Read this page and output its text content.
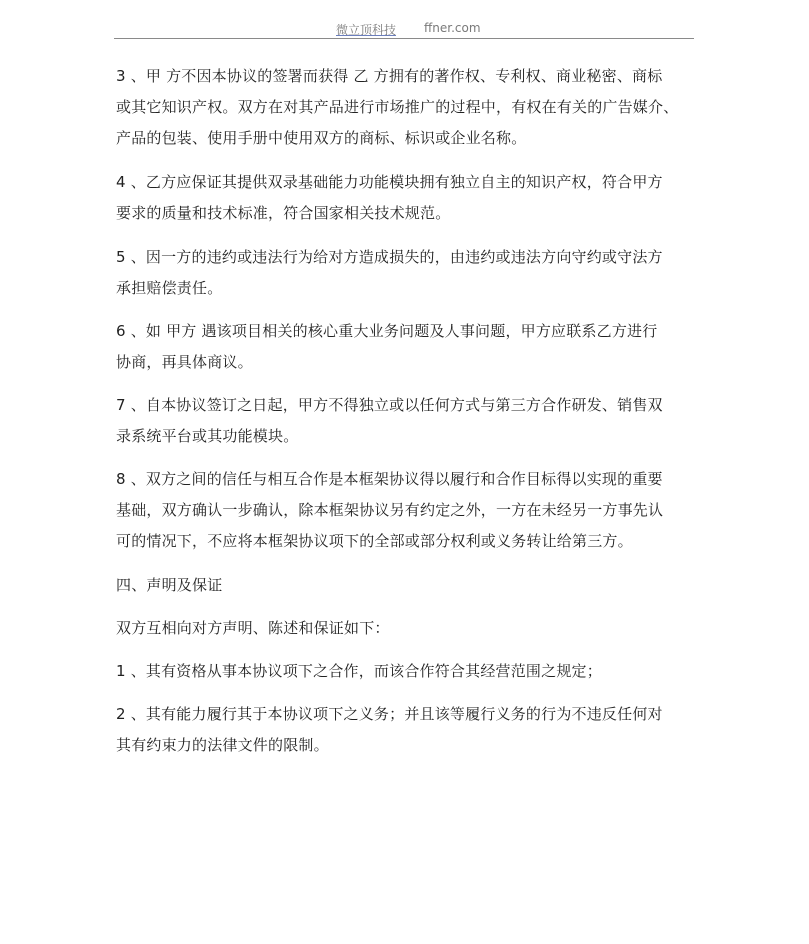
微立顶科技 ffner.com
3 、甲 方不因本协议的签署而获得 乙 方拥有的著作权、专利权、商业秘密、商标
或其它知识产权。双方在对其产品进行市场推广的过程中，有权在有关的广告媒介、
产品的包装、使用手册中使用双方的商标、标识或企业名称。
4 、乙方应保证其提供双录基础能力功能模块拥有独立自主的知识产权，符合甲方
要求的质量和技术标准，符合国家相关技术规范。
5 、因一方的违约或违法行为给对方造成损失的，由违约或违法方向守约或守法方
承担赔偿责任。
6 、如 甲方 遇该项目相关的核心重大业务问题及人事问题，甲方应联系乙方进行
协商，再具体商议。
7 、自本协议签订之日起，甲方不得独立或以任何方式与第三方合作研发、销售双
录系统平台或其功能模块。
8 、双方之间的信任与相互合作是本框架协议得以履行和合作目标得以实现的重要
基础，双方确认一步确认，除本框架协议另有约定之外，一方在未经另一方事先认
可的情况下，不应将本框架协议项下的全部或部分权利或义务转让给第三方。
四、声明及保证
双方互相向对方声明、陈述和保证如下：
1 、其有资格从事本协议项下之合作，而该合作符合其经营范围之规定；
2 、其有能力履行其于本协议项下之义务；并且该等履行义务的行为不违反任何对
其有约束力的法律文件的限制。
